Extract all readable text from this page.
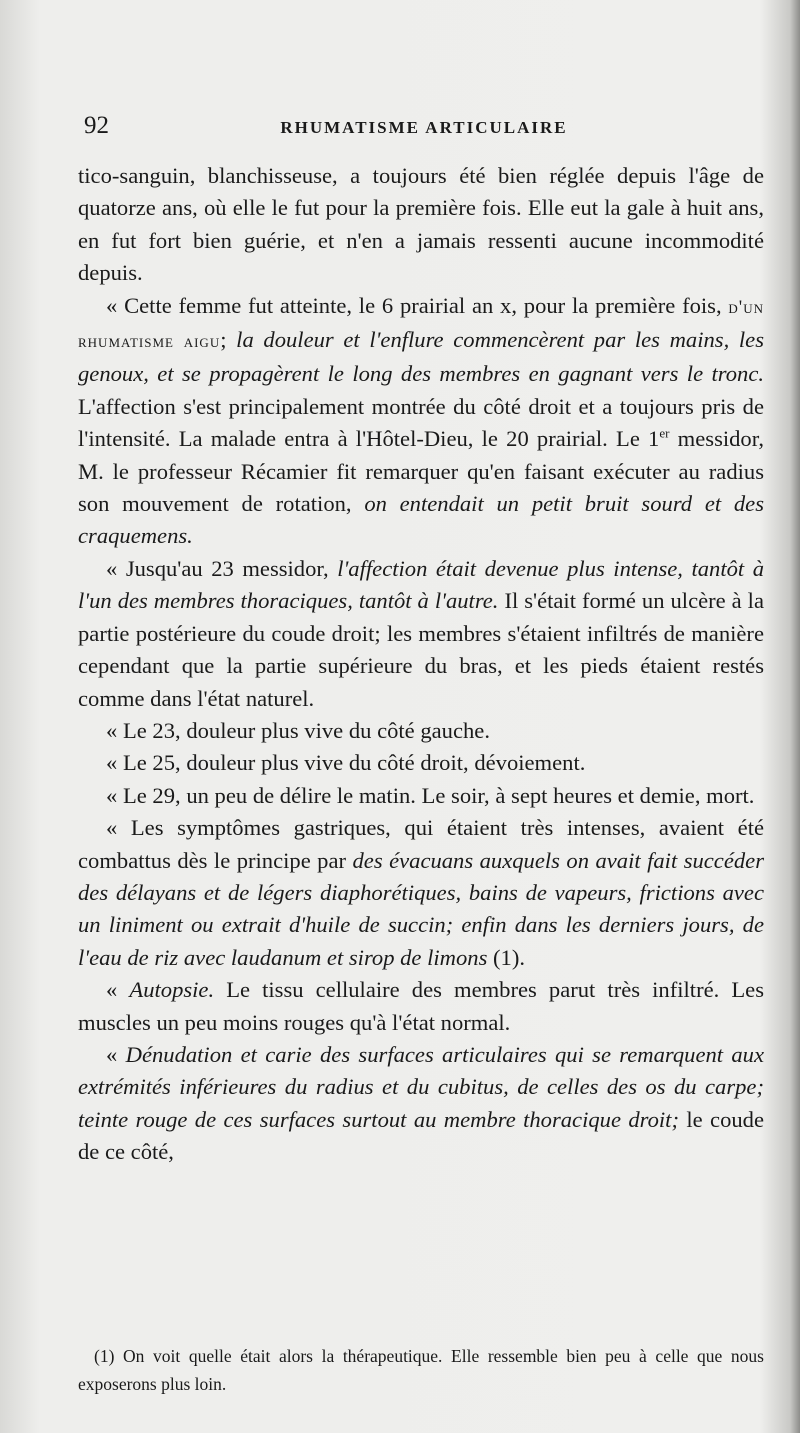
92	RHUMATISME ARTICULAIRE

tico-sanguin, blanchisseuse, a toujours été bien réglée depuis l'âge de quatorze ans, où elle le fut pour la première fois. Elle eut la gale à huit ans, en fut fort bien guérie, et n'en a jamais ressenti aucune incommodité depuis.

« Cette femme fut atteinte, le 6 prairial an x, pour la première fois, d'un rhumatisme aigu; la douleur et l'enflure commencèrent par les mains, les genoux, et se propagèrent le long des membres en gagnant vers le tronc. L'affection s'est principalement montrée du côté droit et a toujours pris de l'intensité. La malade entra à l'Hôtel-Dieu, le 20 prairial. Le 1er messidor, M. le professeur Récamier fit remarquer qu'en faisant exécuter au radius son mouvement de rotation, on entendait un petit bruit sourd et des craquemens.

« Jusqu'au 23 messidor, l'affection était devenue plus intense, tantôt à l'un des membres thoraciques, tantôt à l'autre. Il s'était formé un ulcère à la partie postérieure du coude droit; les membres s'étaient infiltrés de manière cependant que la partie supérieure du bras, et les pieds étaient restés comme dans l'état naturel.

« Le 23, douleur plus vive du côté gauche.

« Le 25, douleur plus vive du côté droit, dévoiement.

« Le 29, un peu de délire le matin. Le soir, à sept heures et demie, mort.

« Les symptômes gastriques, qui étaient très intenses, avaient été combattus dès le principe par des évacuans auxquels on avait fait succéder des délayans et de légers diaphorétiques, bains de vapeurs, frictions avec un liniment ou extrait d'huile de succin; enfin dans les derniers jours, de l'eau de riz avec laudanum et sirop de limons (1).

« Autopsie. Le tissu cellulaire des membres parut très infiltré. Les muscles un peu moins rouges qu'à l'état normal.

« Dénudation et carie des surfaces articulaires qui se remarquent aux extrémités inférieures du radius et du cubitus, de celles des os du carpe; teinte rouge de ces surfaces surtout au membre thoracique droit; le coude de ce côté,

(1) On voit quelle était alors la thérapeutique. Elle ressemble bien peu à celle que nous exposerons plus loin.
